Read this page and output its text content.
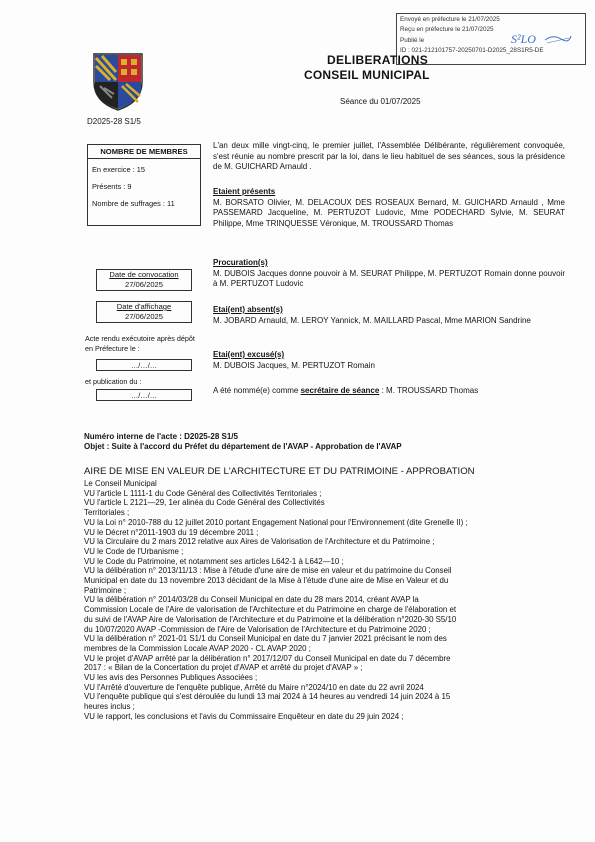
Envoyé en préfecture le 21/07/2025
Reçu en préfecture le 21/07/2025
Publié le
ID : 021-212101757-20250701-D2025_28S1R5-DE
S²LO
DELIBERATIONS
CONSEIL MUNICIPAL
Séance du 01/07/2025
D2025-28 S1/5
NOMBRE DE MEMBRES
En exercice : 15
Présents : 9
Nombre de suffrages : 11
Date de convocation
27/06/2025
Date d'affichage
27/06/2025
Acte rendu exécutoire après dépôt en Préfecture le :
…/…/…
et publication du :
…/…/…
L'an deux mille vingt-cinq, le premier juillet, l'Assemblée Délibérante, régulièrement convoquée, s'est réunie au nombre prescrit par la loi, dans le lieu habituel de ses séances, sous la présidence de M. GUICHARD Arnauld .
Etaient présents
M. BORSATO Olivier, M. DELACOUX DES ROSEAUX Bernard, M. GUICHARD Arnauld , Mme PASSEMARD Jacqueline, M. PERTUZOT Ludovic, Mme PODECHARD Sylvie, M. SEURAT Philippe, Mme TRINQUESSE Véronique, M. TROUSSARD Thomas
Procuration(s)
M. DUBOIS Jacques donne pouvoir à M. SEURAT Philippe, M. PERTUZOT Romain donne pouvoir à M. PERTUZOT Ludovic
Etai(ent) absent(s)
M. JOBARD Arnauld, M. LEROY Yannick, M. MAILLARD Pascal, Mme MARION Sandrine
Etai(ent) excusé(s)
M. DUBOIS Jacques, M. PERTUZOT Romain
A été nommé(e) comme secrétaire de séance : M. TROUSSARD Thomas
Numéro interne de l'acte : D2025-28 S1/5
Objet : Suite à l'accord du Préfet du département de l'AVAP - Approbation de l'AVAP
AIRE DE MISE EN VALEUR DE L'ARCHITECTURE ET DU PATRIMOINE - APPROBATION
Le Conseil Municipal
VU l'article L 1111-1 du Code Général des Collectivités Territoriales ;
VU l'article L 2121—29, 1er alinéa du Code Général des Collectivités
Territoriales ;
VU la Loi n° 2010-788 du 12 juillet 2010 portant Engagement National pour l'Environnement (dite Grenelle II) ;
VU le Décret n°2011-1903 du 19 décembre 2011 ;
VU la Circulaire du 2 mars 2012 relative aux Aires de Valorisation de l'Architecture et du Patrimoine ;
VU le Code de l'Urbanisme ;
VU le Code du Patrimoine, et notamment ses articles L642-1 à L642—10 ;
VU la délibération n° 2013/11/13 : Mise à l'étude d'une aire de mise en valeur et du patrimoine du Conseil
Municipal en date du 13 novembre 2013 décidant de la Mise à l'étude d'une aire de Mise en Valeur et du
Patrimoine ;
VU la délibération n° 2014/03/28 du Conseil Municipal en date du 28 mars 2014, créant AVAP la
Commission Locale de l'Aire de valorisation de l'Architecture et du Patrimoine en charge de l'élaboration et
du suivi de l'AVAP Aire de Valorisation de l'Architecture et du Patrimoine et la délibération n°2020-30 S5/10
du 10/07/2020 AVAP -Commission de l'Aire de Valorisation de l'Architecture et du Patrimoine 2020 ;
VU la délibération n° 2021-01 S1/1 du Conseil Municipal en date du 7 janvier 2021 précisant le nom des
membres de la Commission Locale AVAP 2020 - CL AVAP 2020 ;
VU le projet d'AVAP arrêté par la délibération n° 2017/12/07 du Conseil Municipal en date du 7 décembre
2017 : « Bilan de la Concertation du projet d'AVAP et arrêté du projet d'AVAP » ;
VU les avis des Personnes Publiques Associées ;
VU l'Arrêté d'ouverture de l'enquête publique, Arrêté du Maire n°2024/10 en date du 22 avril 2024
VU l'enquête publique qui s'est déroulée du lundi 13 mai 2024 à 14 heures au vendredi 14 juin 2024 à 15
heures inclus ;
VU le rapport, les conclusions et l'avis du Commissaire Enquêteur en date du 29 juin 2024 ;
